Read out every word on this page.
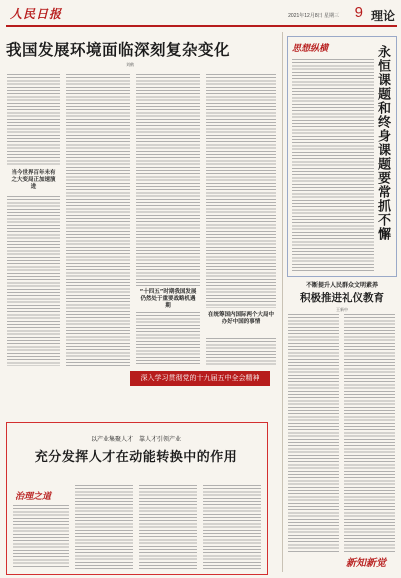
人民日报	2021年12月8日 星期三 9 理论
我国发展环境面临深刻复杂变化
刘鹤
当今世界百年未有之大变局正加速演进
“十四五”时期我国发展仍然处于重要战略机遇期
在统筹国内国际两个大局中办好中国的事情
思想纵横	永恒课题和终身课题要常抓不懈
不断提升人民群众文明素养
积极推进礼仪教育
王新中
新知新觉
深入学习贯彻党的十九届五中全会精神
以产业集聚人才　靠人才引领产业
充分发挥人才在动能转换中的作用
治理之道
